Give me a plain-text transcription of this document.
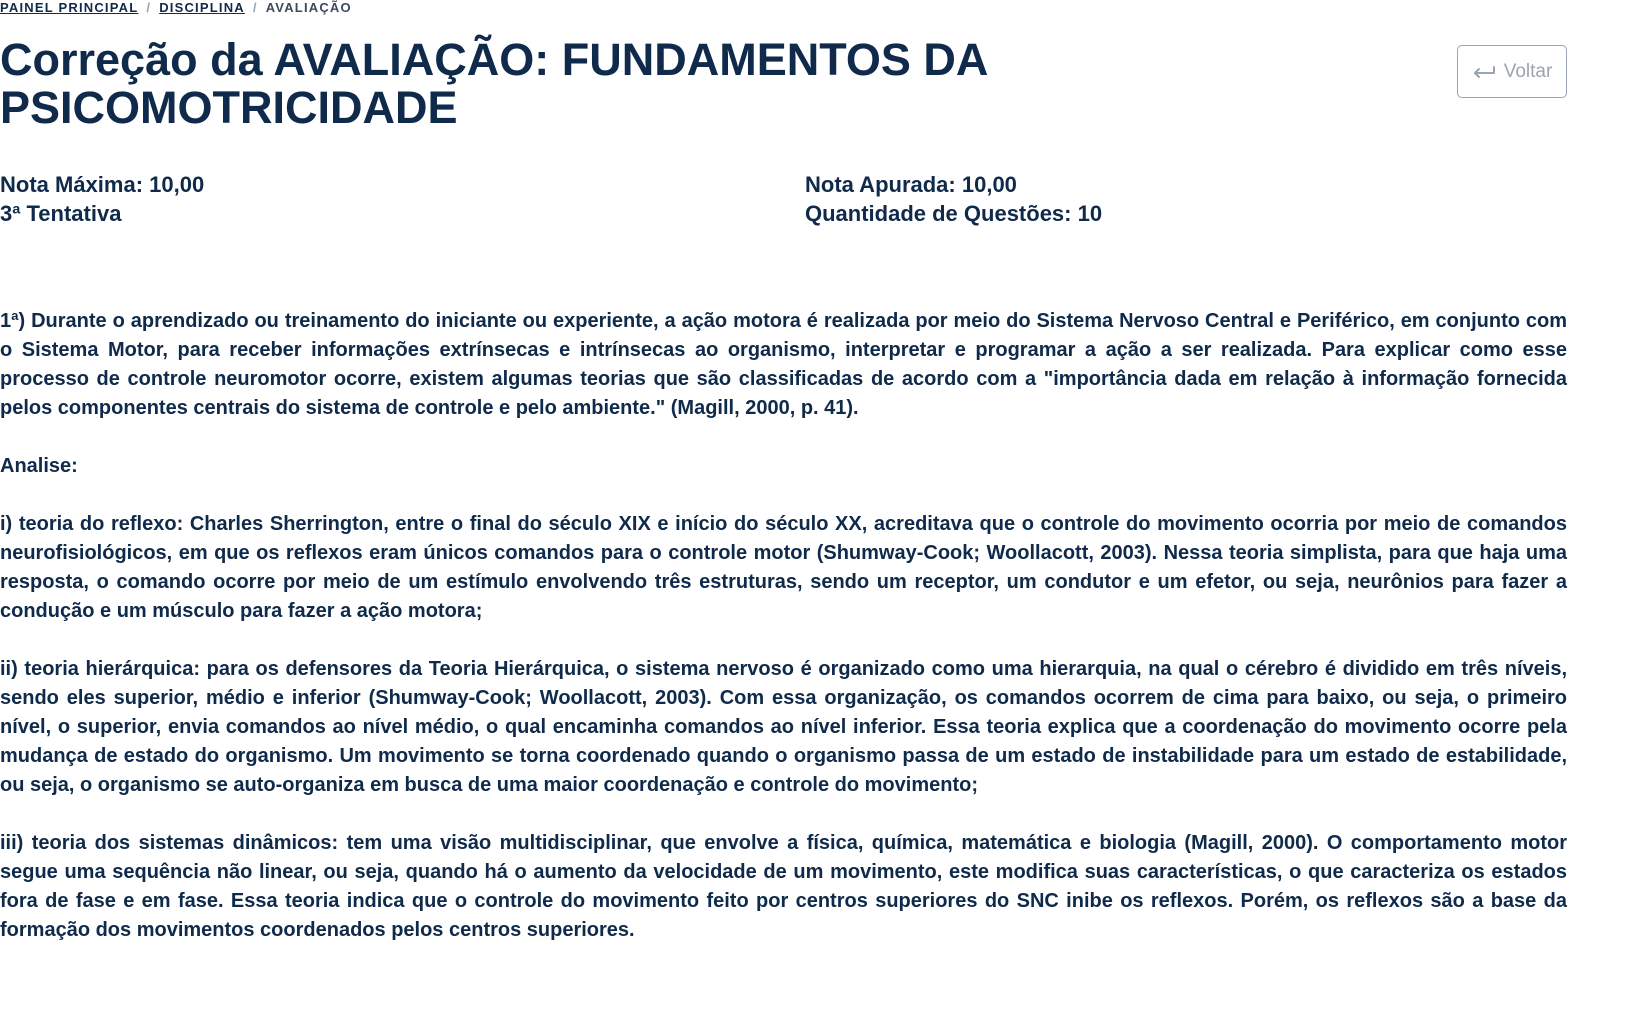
PAINEL PRINCIPAL / DISCIPLINA / AVALIAÇÃO
Correção da AVALIAÇÃO: FUNDAMENTOS DA PSICOMOTRICIDADE
Voltar
Nota Máxima: 10,00
3ª Tentativa
Nota Apurada: 10,00
Quantidade de Questões: 10

1ª) Durante o aprendizado ou treinamento do iniciante ou experiente, a ação motora é realizada por meio do Sistema Nervoso Central e Periférico, em conjunto com o Sistema Motor, para receber informações extrínsecas e intrínsecas ao organismo, interpretar e programar a ação a ser realizada. Para explicar como esse processo de controle neuromotor ocorre, existem algumas teorias que são classificadas de acordo com a "importância dada em relação à informação fornecida pelos componentes centrais do sistema de controle e pelo ambiente." (Magill, 2000, p. 41).

Analise:

i) teoria do reflexo: Charles Sherrington, entre o final do século XIX e início do século XX, acreditava que o controle do movimento ocorria por meio de comandos neurofisiológicos, em que os reflexos eram únicos comandos para o controle motor (Shumway-Cook; Woollacott, 2003). Nessa teoria simplista, para que haja uma resposta, o comando ocorre por meio de um estímulo envolvendo três estruturas, sendo um receptor, um condutor e um efetor, ou seja, neurônios para fazer a condução e um músculo para fazer a ação motora;

ii) teoria hierárquica: para os defensores da Teoria Hierárquica, o sistema nervoso é organizado como uma hierarquia, na qual o cérebro é dividido em três níveis, sendo eles superior, médio e inferior (Shumway-Cook; Woollacott, 2003). Com essa organização, os comandos ocorrem de cima para baixo, ou seja, o primeiro nível, o superior, envia comandos ao nível médio, o qual encaminha comandos ao nível inferior. Essa teoria explica que a coordenação do movimento ocorre pela mudança de estado do organismo. Um movimento se torna coordenado quando o organismo passa de um estado de instabilidade para um estado de estabilidade, ou seja, o organismo se auto-organiza em busca de uma maior coordenação e controle do movimento;

iii) teoria dos sistemas dinâmicos: tem uma visão multidisciplinar, que envolve a física, química, matemática e biologia (Magill, 2000). O comportamento motor segue uma sequência não linear, ou seja, quando há o aumento da velocidade de um movimento, este modifica suas características, o que caracteriza os estados fora de fase e em fase. Essa teoria indica que o controle do movimento feito por centros superiores do SNC inibe os reflexos. Porém, os reflexos são a base da formação dos movimentos coordenados pelos centros superiores.
